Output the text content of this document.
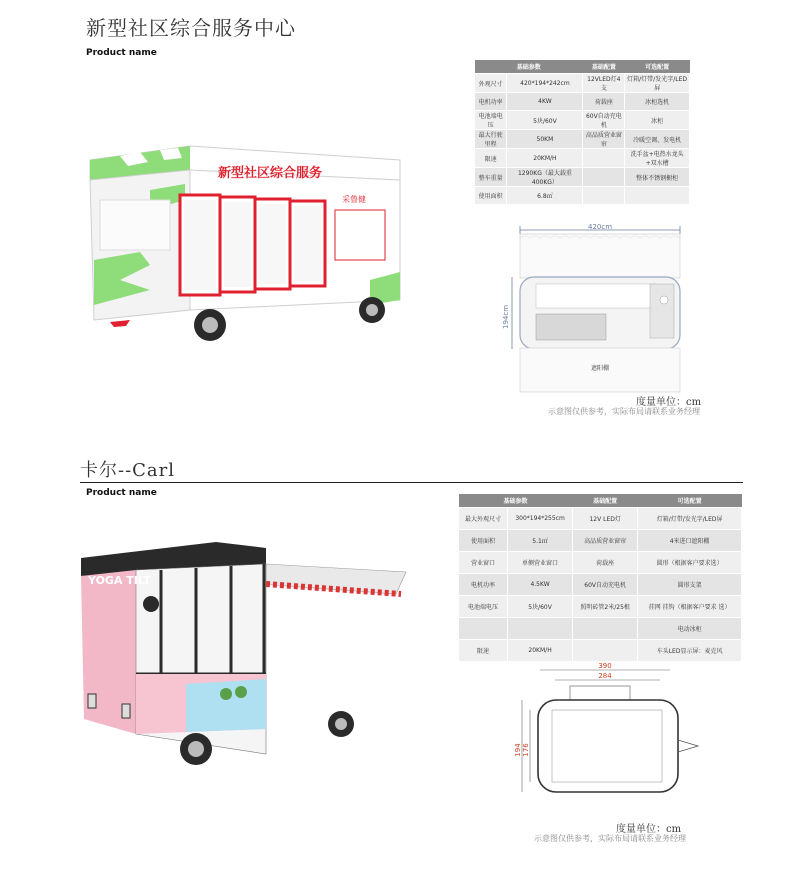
新型社区综合服务中心
Product name
新型社区综合服务
采鲁健
基础参数		基础配置	可选配置
外观尺寸	420*194*242cm	12VLED灯4支	灯箱/灯带/发光字/LED屏
电机功率	4KW	荷载座	冰柜选机
电池端电压	5块/60V	60V自动充电机	冰柜
最大行驶里程	50KM	高品质营业窗帘	冷暖空调、发电机
限速	20KM/H		洗手盆+电热水龙头+双水槽
整车重量	1290KG（最大载重400KG）		整体不锈钢橱柜
使用面积	6.8㎡		
420cm
194cm
遮阳棚
度量单位：cm
示意图仅供参考，实际布局请联系业务经理
卡尔--Carl
Product name
YOGA TILT
基础参数		基础配置	可选配置
最大外观尺寸	300*194*255cm	12V LED灯	灯箱/灯带/发光字/LED屏
使用面积	5.1㎡	高品质营业窗帘	4米进口遮阳棚
营业窗口	单侧营业窗口	荷载座	圆形（根据客户要求选）
电机功率	4.5KW	60V自动充电机	圆形支架
电池端电压	5块/60V	照明砖管2米/25根	挂网 挂钩（根据客户要求 选）
			电动冰柜
限速	20KM/H		车头LED显示屏：麦克风
390
284
194 176
度量单位：cm
示意图仅供参考，实际布局请联系业务经理
